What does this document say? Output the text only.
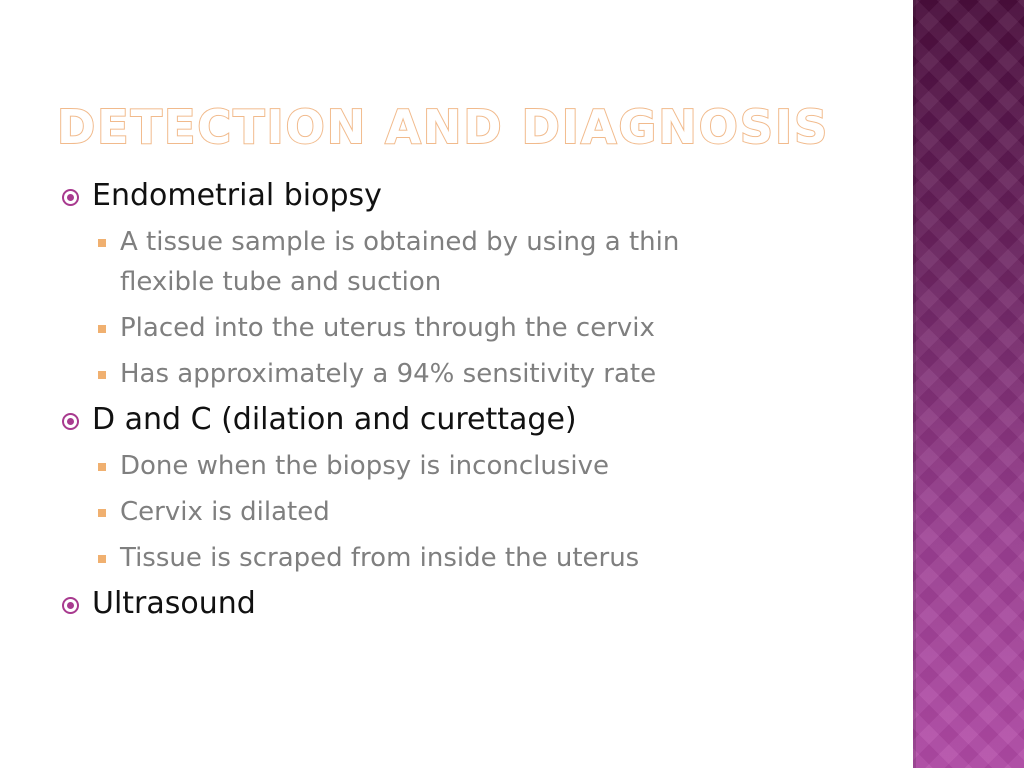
DETECTION AND DIAGNOSIS
Endometrial biopsy
A tissue sample is obtained by using a thin flexible tube and suction
Placed into the uterus through the cervix
Has approximately a 94% sensitivity rate
D and C (dilation and curettage)
Done when the biopsy is inconclusive
Cervix is dilated
Tissue is scraped from inside the uterus
Ultrasound
